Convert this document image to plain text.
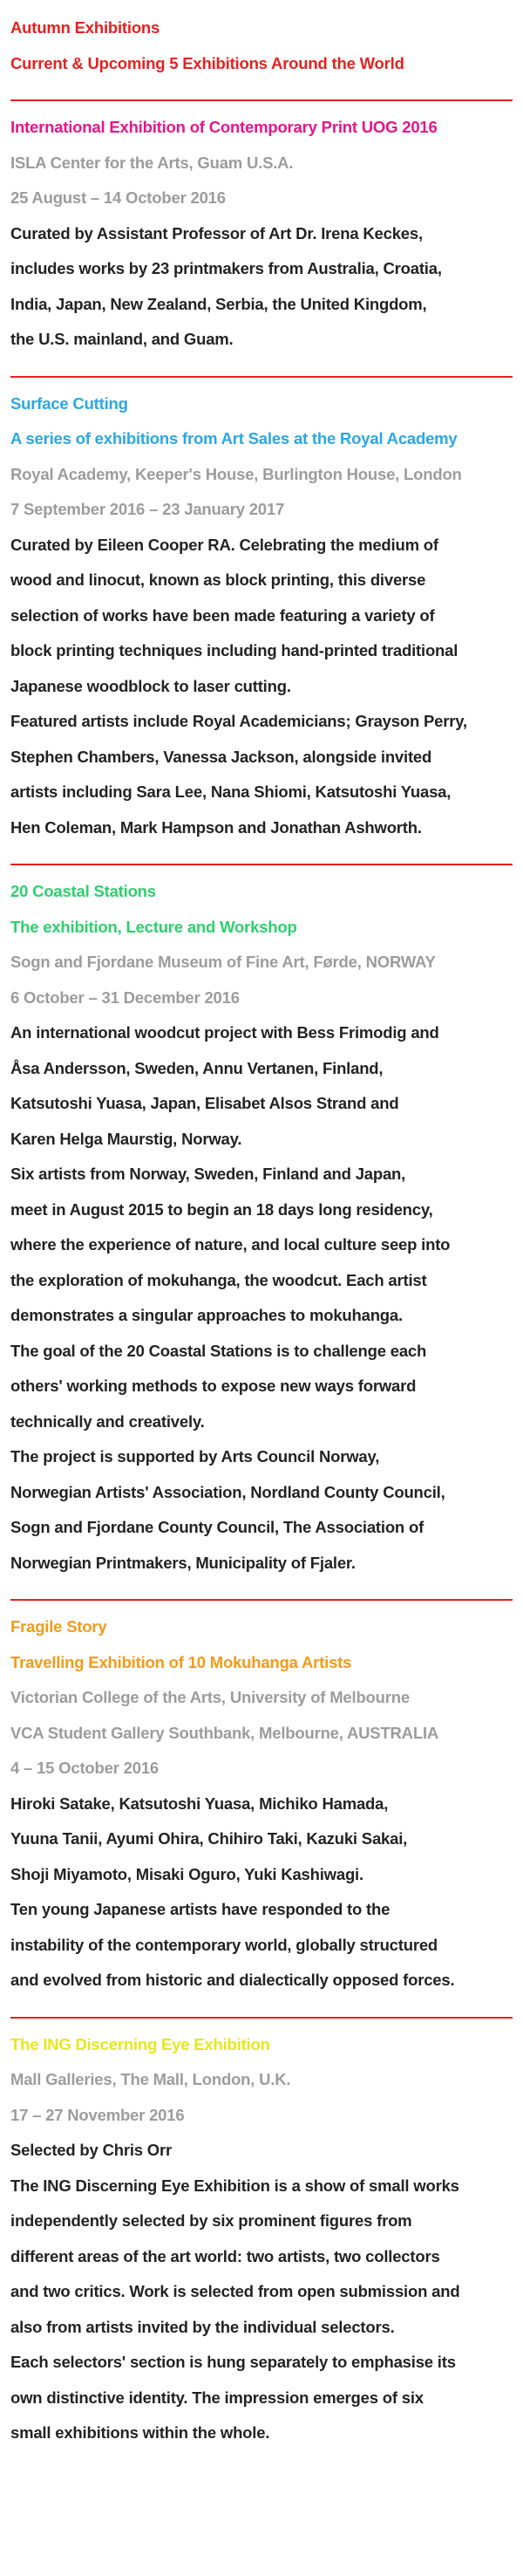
Autumn Exhibitions
Current & Upcoming 5 Exhibitions Around the World
International Exhibition of Contemporary Print UOG 2016
ISLA Center for the Arts, Guam U.S.A.
25 August – 14 October 2016
Curated by Assistant Professor of Art Dr. Irena Keckes,
includes works by 23 printmakers from Australia, Croatia,
India, Japan, New Zealand, Serbia, the United Kingdom,
the U.S. mainland, and Guam.
Surface Cutting
A series of exhibitions from Art Sales at the Royal Academy
Royal Academy, Keeper's House, Burlington House, London
7 September 2016 – 23 January 2017
Curated by Eileen Cooper RA. Celebrating the medium of
wood and linocut, known as block printing, this diverse
selection of works have been made featuring a variety of
block printing techniques including hand-printed traditional
Japanese woodblock to laser cutting.
Featured artists include Royal Academicians; Grayson Perry,
Stephen Chambers, Vanessa Jackson, alongside invited
artists including Sara Lee, Nana Shiomi, Katsutoshi Yuasa,
Hen Coleman, Mark Hampson and Jonathan Ashworth.
20 Coastal Stations
The exhibition, Lecture and Workshop
Sogn and Fjordane Museum of Fine Art, Førde, NORWAY
6 October – 31 December 2016
An international woodcut project with Bess Frimodig and
Åsa Andersson, Sweden, Annu Vertanen, Finland,
Katsutoshi Yuasa, Japan, Elisabet Alsos Strand and
Karen Helga Maurstig, Norway.
Six artists from Norway, Sweden, Finland and Japan,
meet in August 2015 to begin an 18 days long residency,
where the experience of nature, and local culture seep into
the exploration of mokuhanga, the woodcut. Each artist
demonstrates a singular approaches to mokuhanga.
The goal of the 20 Coastal Stations is to challenge each
others' working methods to expose new ways forward
technically and creatively.
The project is supported by Arts Council Norway,
Norwegian Artists' Association, Nordland County Council,
Sogn and Fjordane County Council, The Association of
Norwegian Printmakers, Municipality of Fjaler.
Fragile Story
Travelling Exhibition of 10 Mokuhanga Artists
Victorian College of the Arts, University of Melbourne
VCA Student Gallery Southbank, Melbourne, AUSTRALIA
4 – 15 October 2016
Hiroki Satake, Katsutoshi Yuasa, Michiko Hamada,
Yuuna Tanii, Ayumi Ohira, Chihiro Taki, Kazuki Sakai,
Shoji Miyamoto, Misaki Oguro, Yuki Kashiwagi.
Ten young Japanese artists have responded to the
instability of the contemporary world, globally structured
and evolved from historic and dialectically opposed forces.
The ING Discerning Eye Exhibition
Mall Galleries, The Mall, London, U.K.
17 – 27 November 2016
Selected by Chris Orr
The ING Discerning Eye Exhibition is a show of small works
independently selected by six prominent figures from
different areas of the art world: two artists, two collectors
and two critics. Work is selected from open submission and
also from artists invited by the individual selectors.
Each selectors' section is hung separately to emphasise its
own distinctive identity. The impression emerges of six
small exhibitions within the whole.
